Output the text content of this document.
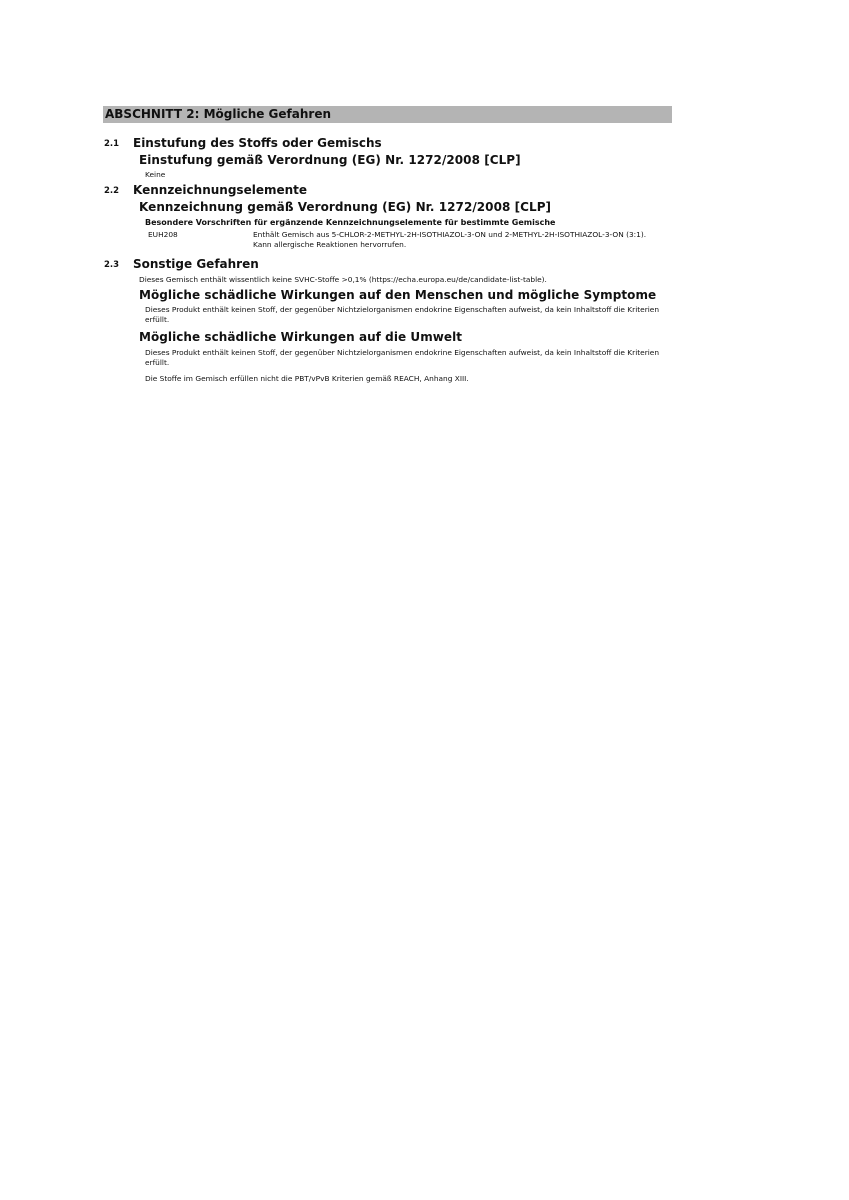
ABSCHNITT 2: Mögliche Gefahren
2.1 Einstufung des Stoffs oder Gemischs
Einstufung gemäß Verordnung (EG) Nr. 1272/2008 [CLP]
Keine
2.2 Kennzeichnungselemente
Kennzeichnung gemäß Verordnung (EG) Nr. 1272/2008 [CLP]
Besondere Vorschriften für ergänzende Kennzeichnungselemente für bestimmte Gemische
EUH208	Enthält Gemisch aus 5-CHLOR-2-METHYL-2H-ISOTHIAZOL-3-ON und 2-METHYL-2H-ISOTHIAZOL-3-ON (3:1). Kann allergische Reaktionen hervorrufen.
2.3 Sonstige Gefahren
Dieses Gemisch enthält wissentlich keine SVHC-Stoffe >0,1% (https://echa.europa.eu/de/candidate-list-table).
Mögliche schädliche Wirkungen auf den Menschen und mögliche Symptome
Dieses Produkt enthält keinen Stoff, der gegenüber Nichtzielorganismen endokrine Eigenschaften aufweist, da kein Inhaltstoff die Kriterien erfüllt.
Mögliche schädliche Wirkungen auf die Umwelt
Dieses Produkt enthält keinen Stoff, der gegenüber Nichtzielorganismen endokrine Eigenschaften aufweist, da kein Inhaltstoff die Kriterien erfüllt.
Die Stoffe im Gemisch erfüllen nicht die PBT/vPvB Kriterien gemäß REACH, Anhang XIII.
